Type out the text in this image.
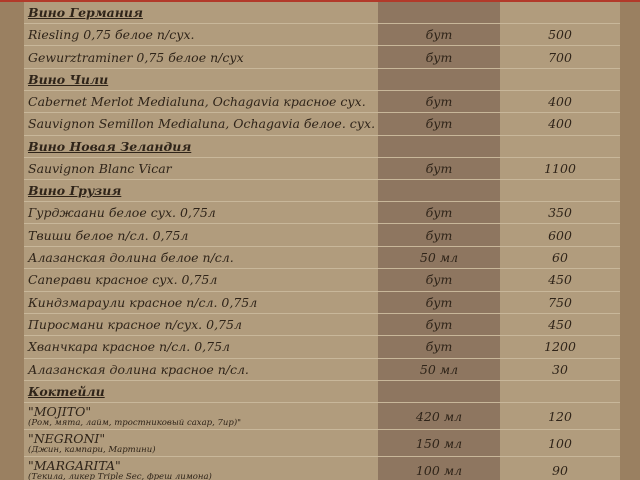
Вино Германия		
Riesling 0,75 белое п/сух.	бут	500
Gewurztraminer 0,75 белое п/сух	бут	700
Вино Чили		
Cabernet Merlot Medialuna, Ochagavia красное сух.	бут	400
Sauvignon Semillon Medialuna, Ochagavia белое. сух.	бут	400
Вино Новая Зеландия		
Sauvignon Blanc Vicar	бут	1100
Вино Грузия		
Гурджаани белое сух. 0,75л	бут	350
Твиши белое п/сл. 0,75л	бут	600
Алазанская долина белое п/сл.	50 мл	60
Саперави красное сух. 0,75л	бут	450
Киндзмараули красное п/сл. 0,75л	бут	750
Пиросмани красное п/сух. 0,75л	бут	450
Хванчкара красное п/сл. 0,75л	бут	1200
Алазанская долина красное п/сл.	50 мл	30
Коктейли		

"MOJITO"
(Ром, мята, лайм, тростниковый сахар, 7ир)"	420 мл	120

"NEGRONI"
(Джин, кампари, Мартини)	150 мл	100

"MARGARITA"
(Текила, ликер Triple Sec, фреш лимона)	100 мл	90
